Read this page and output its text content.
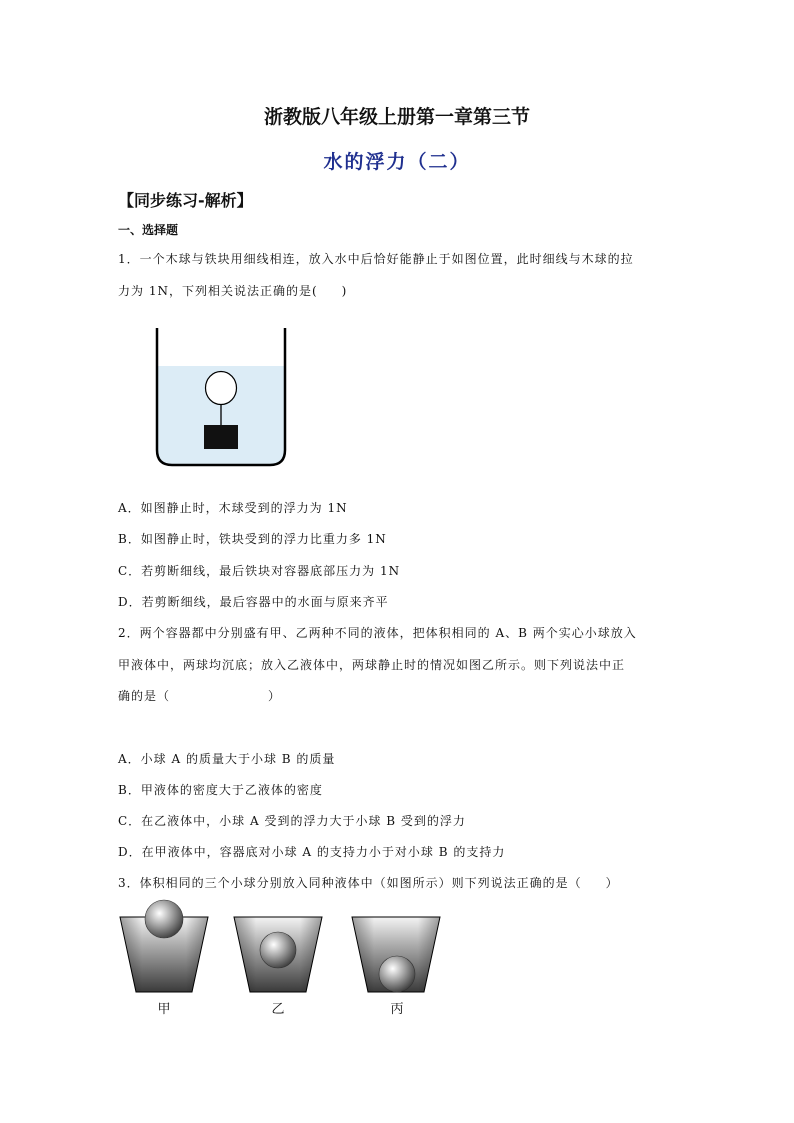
浙教版八年级上册第一章第三节
水的浮力（二）
【同步练习-解析】
一、选择题
1．一个木球与铁块用细线相连，放入水中后恰好能静止于如图位置，此时细线与木球的拉
力为 1N，下列相关说法正确的是( )
A．如图静止时，木球受到的浮力为 1N
B．如图静止时，铁块受到的浮力比重力多 1N
C．若剪断细线，最后铁块对容器底部压力为 1N
D．若剪断细线，最后容器中的水面与原来齐平
2．两个容器都中分别盛有甲、乙两种不同的液体，把体积相同的 A、B 两个实心小球放入
甲液体中，两球均沉底；放入乙液体中，两球静止时的情况如图乙所示。则下列说法中正
确的是（	）
A．小球 A 的质量大于小球 B 的质量
B．甲液体的密度大于乙液体的密度
C．在乙液体中，小球 A 受到的浮力大于小球 B 受到的浮力
D．在甲液体中，容器底对小球 A 的支持力小于对小球 B 的支持力
3．体积相同的三个小球分别放入同种液体中（如图所示）则下列说法正确的是（ ）
甲	乙	丙
